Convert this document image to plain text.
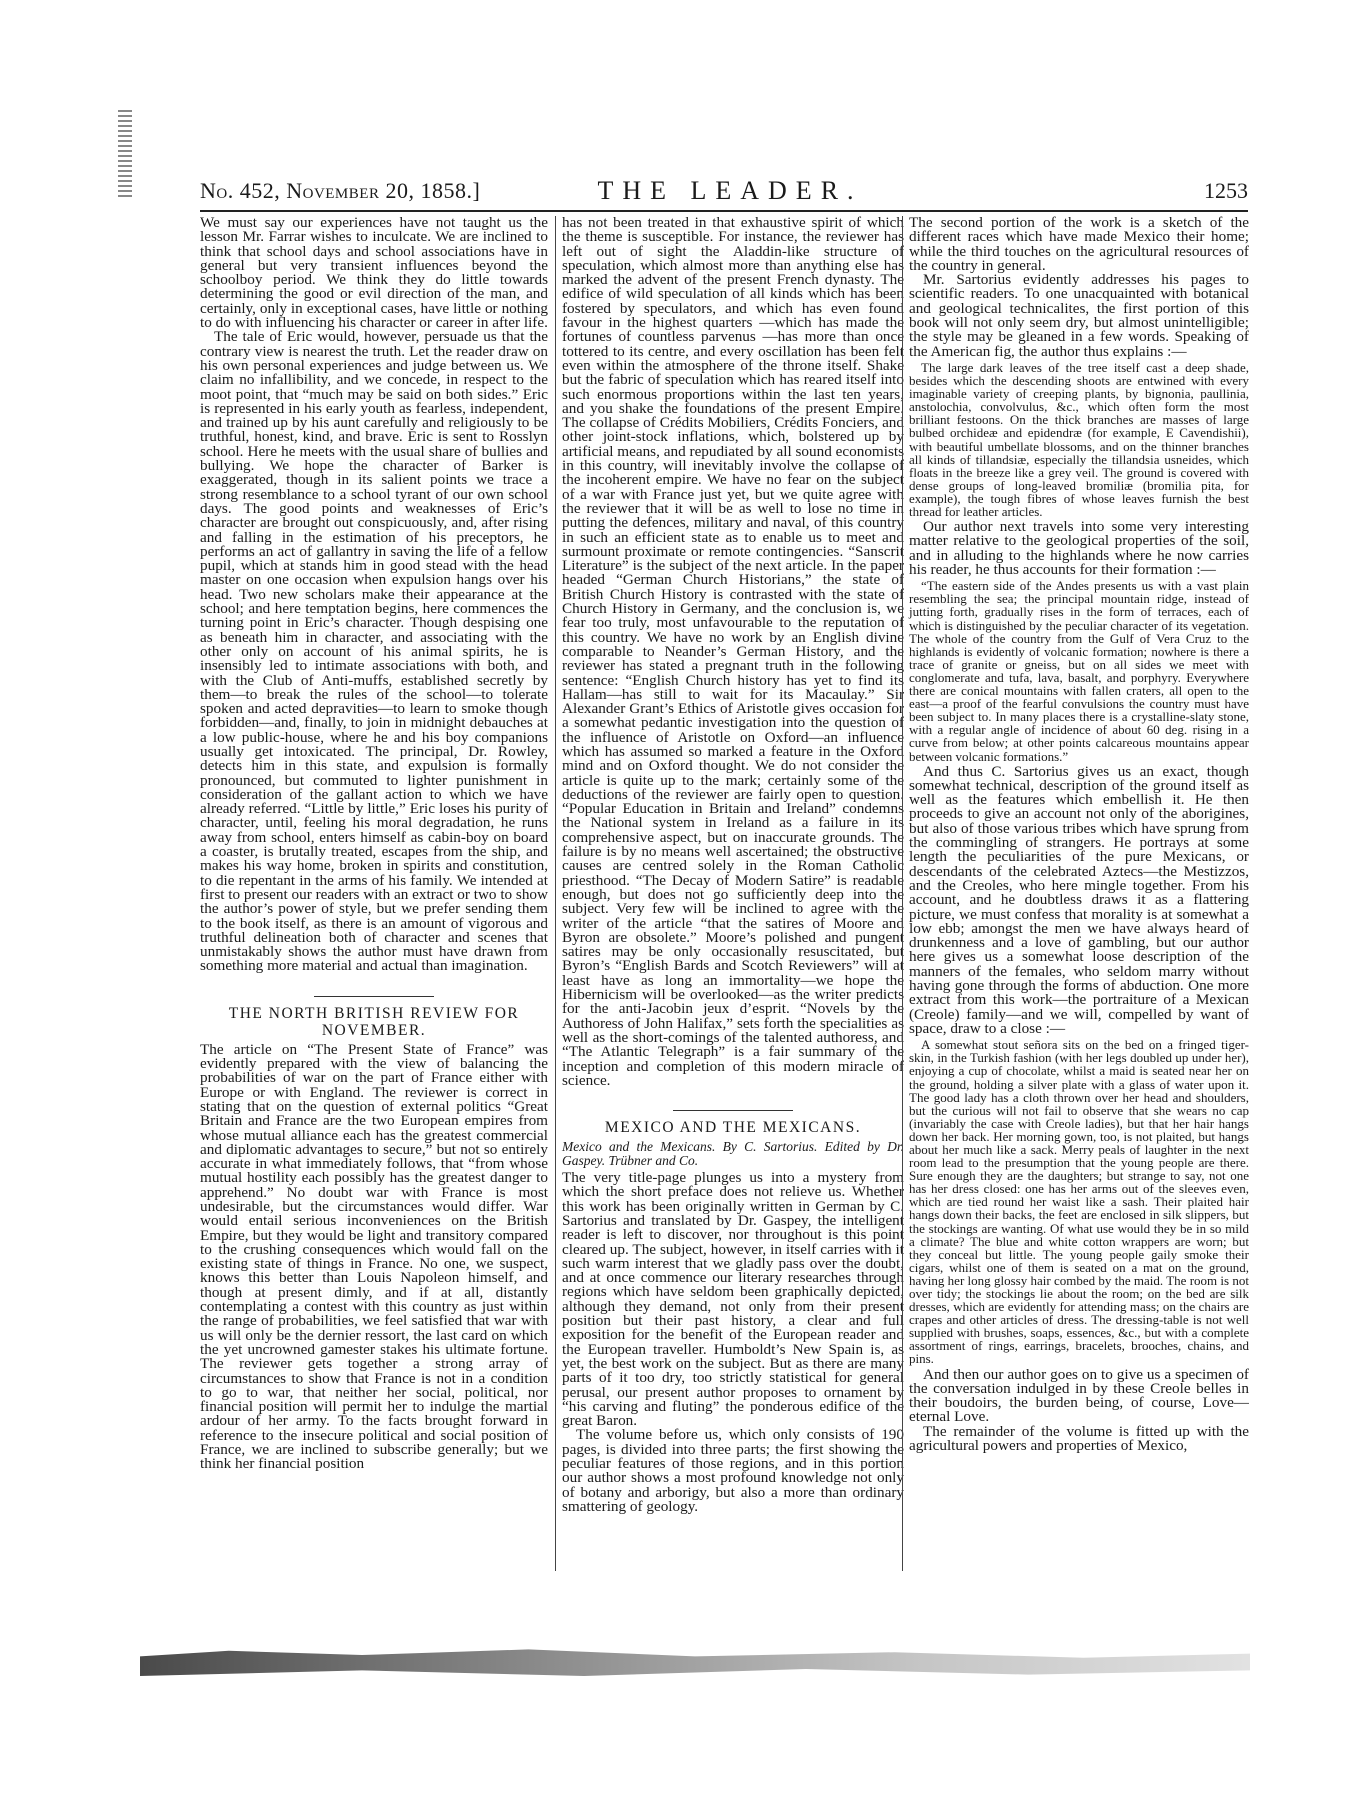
No. 452, November 20, 1858.]	THE LEADER.	1253

We must say our experiences have not taught us the lesson Mr. Farrar wishes to inculcate. We are inclined to think that school days and school associations have in general but very transient influences beyond the schoolboy period. We think they do little towards determining the good or evil direction of the man, and certainly, only in exceptional cases, have little or nothing to do with influencing his character or career in after life.

The tale of Eric would, however, persuade us that the contrary view is nearest the truth. Let the reader draw on his own personal experiences and judge between us. We claim no infallibility, and we concede, in respect to the moot point, that “much may be said on both sides.” Eric is represented in his early youth as fearless, independent, and trained up by his aunt carefully and religiously to be truthful, honest, kind, and brave. Eric is sent to Rosslyn school. Here he meets with the usual share of bullies and bullying. We hope the character of Barker is exaggerated, though in its salient points we trace a strong resemblance to a school tyrant of our own school days. The good points and weaknesses of Eric’s character are brought out conspicuously, and, after rising and falling in the estimation of his preceptors, he performs an act of gallantry in saving the life of a fellow pupil, which at stands him in good stead with the head master on one occasion when expulsion hangs over his head. Two new scholars make their appearance at the school; and here temptation begins, here commences the turning point in Eric’s character. Though despising one as beneath him in character, and associating with the other only on account of his animal spirits, he is insensibly led to intimate associations with both, and with the Club of Anti-muffs, established secretly by them—to break the rules of the school—to tolerate spoken and acted depravities—to learn to smoke though forbidden—and, finally, to join in midnight debauches at a low public-house, where he and his boy companions usually get intoxicated. The principal, Dr. Rowley, detects him in this state, and expulsion is formally pronounced, but commuted to lighter punishment in consideration of the gallant action to which we have already referred. “Little by little,” Eric loses his purity of character, until, feeling his moral degradation, he runs away from school, enters himself as cabin-boy on board a coaster, is brutally treated, escapes from the ship, and makes his way home, broken in spirits and constitution, to die repentant in the arms of his family. We intended at first to present our readers with an extract or two to show the author’s power of style, but we prefer sending them to the book itself, as there is an amount of vigorous and truthful delineation both of character and scenes that unmistakably shows the author must have drawn from something more material and actual than imagination.

THE NORTH BRITISH REVIEW FOR NOVEMBER.

The article on “The Present State of France” was evidently prepared with the view of balancing the probabilities of war on the part of France either with Europe or with England. The reviewer is correct in stating that on the question of external politics “Great Britain and France are the two European empires from whose mutual alliance each has the greatest commercial and diplomatic advantages to secure,” but not so entirely accurate in what immediately follows, that “from whose mutual hostility each possibly has the greatest danger to apprehend.” No doubt war with France is most undesirable, but the circumstances would differ. War would entail serious inconveniences on the British Empire, but they would be light and transitory compared to the crushing consequences which would fall on the existing state of things in France. No one, we suspect, knows this better than Louis Napoleon himself, and though at present dimly, and if at all, distantly contemplating a contest with this country as just within the range of probabilities, we feel satisfied that war with us will only be the dernier ressort, the last card on which the yet uncrowned gamester stakes his ultimate fortune. The reviewer gets together a strong array of circumstances to show that France is not in a condition to go to war, that neither her social, political, nor financial position will permit her to indulge the martial ardour of her army. To the facts brought forward in reference to the insecure political and social position of France, we are inclined to subscribe generally; but we think her financial position

has not been treated in that exhaustive spirit of which the theme is susceptible. For instance, the reviewer has left out of sight the Aladdin-like structure of speculation, which almost more than anything else has marked the advent of the present French dynasty. The edifice of wild speculation of all kinds which has been fostered by speculators, and which has even found favour in the highest quarters —which has made the fortunes of countless parvenus —has more than once tottered to its centre, and every oscillation has been felt even within the atmosphere of the throne itself. Shake but the fabric of speculation which has reared itself into such enormous proportions within the last ten years, and you shake the foundations of the present Empire. The collapse of Crédits Mobiliers, Crédits Fonciers, and other joint-stock inflations, which, bolstered up by artificial means, and repudiated by all sound economists in this country, will inevitably involve the collapse of the incoherent empire. We have no fear on the subject of a war with France just yet, but we quite agree with the reviewer that it will be as well to lose no time in putting the defences, military and naval, of this country in such an efficient state as to enable us to meet and surmount proximate or remote contingencies. “Sanscrit Literature” is the subject of the next article. In the paper headed “German Church Historians,” the state of British Church History is contrasted with the state of Church History in Germany, and the conclusion is, we fear too truly, most unfavourable to the reputation of this country. We have no work by an English divine comparable to Neander’s German History, and the reviewer has stated a pregnant truth in the following sentence: “English Church history has yet to find its Hallam—has still to wait for its Macaulay.” Sir Alexander Grant’s Ethics of Aristotle gives occasion for a somewhat pedantic investigation into the question of the influence of Aristotle on Oxford—an influence which has assumed so marked a feature in the Oxford mind and on Oxford thought. We do not consider the article is quite up to the mark; certainly some of the deductions of the reviewer are fairly open to question. “Popular Education in Britain and Ireland” condemns the National system in Ireland as a failure in its comprehensive aspect, but on inaccurate grounds. The failure is by no means well ascertained; the obstructive causes are centred solely in the Roman Catholic priesthood. “The Decay of Modern Satire” is readable enough, but does not go sufficiently deep into the subject. Very few will be inclined to agree with the writer of the article “that the satires of Moore and Byron are obsolete.” Moore’s polished and pungent satires may be only occasionally resuscitated, but Byron’s “English Bards and Scotch Reviewers” will at least have as long an immortality—we hope the Hibernicism will be overlooked—as the writer predicts for the anti-Jacobin jeux d’esprit. “Novels by the Authoress of John Halifax,” sets forth the specialities as well as the short-comings of the talented authoress, and “The Atlantic Telegraph” is a fair summary of the inception and completion of this modern miracle of science.

MEXICO AND THE MEXICANS.
Mexico and the Mexicans. By C. Sartorius. Edited by Dr. Gaspey. Trübner and Co.

The very title-page plunges us into a mystery from which the short preface does not relieve us. Whether this work has been originally written in German by C. Sartorius and translated by Dr. Gaspey, the intelligent reader is left to discover, nor throughout is this point cleared up. The subject, however, in itself carries with it such warm interest that we gladly pass over the doubt, and at once commence our literary researches through regions which have seldom been graphically depicted, although they demand, not only from their present position but their past history, a clear and full exposition for the benefit of the European reader and the European traveller. Humboldt’s New Spain is, as yet, the best work on the subject. But as there are many parts of it too dry, too strictly statistical for general perusal, our present author proposes to ornament by “his carving and fluting” the ponderous edifice of the great Baron.

The volume before us, which only consists of 190 pages, is divided into three parts; the first showing the peculiar features of those regions, and in this portion our author shows a most profound knowledge not only of botany and arborigy, but also a more than ordinary smattering of geology.

The second portion of the work is a sketch of the different races which have made Mexico their home; while the third touches on the agricultural resources of the country in general.

Mr. Sartorius evidently addresses his pages to scientific readers. To one unacquainted with botanical and geological technicalites, the first portion of this book will not only seem dry, but almost unintelligible; the style may be gleaned in a few words. Speaking of the American fig, the author thus explains :—

The large dark leaves of the tree itself cast a deep shade, besides which the descending shoots are entwined with every imaginable variety of creeping plants, by bignonia, paullinia, anstolochia, convolvulus, &c., which often form the most brilliant festoons. On the thick branches are masses of large bulbed orchideæ and epidendræ (for example, E Cavendishii), with beautiful umbellate blossoms, and on the thinner branches all kinds of tillandsiæ, especially the tillandsia usneides, which floats in the breeze like a grey veil. The ground is covered with dense groups of long-leaved bromiliæ (bromilia pita, for example), the tough fibres of whose leaves furnish the best thread for leather articles.

Our author next travels into some very interesting matter relative to the geological properties of the soil, and in alluding to the highlands where he now carries his reader, he thus accounts for their formation :—

“The eastern side of the Andes presents us with a vast plain resembling the sea; the principal mountain ridge, instead of jutting forth, gradually rises in the form of terraces, each of which is distinguished by the peculiar character of its vegetation. The whole of the country from the Gulf of Vera Cruz to the highlands is evidently of volcanic formation; nowhere is there a trace of granite or gneiss, but on all sides we meet with conglomerate and tufa, lava, basalt, and porphyry. Everywhere there are conical mountains with fallen craters, all open to the east—a proof of the fearful convulsions the country must have been subject to. In many places there is a crystalline-slaty stone, with a regular angle of incidence of about 60 deg. rising in a curve from below; at other points calcareous mountains appear between volcanic formations.”

And thus C. Sartorius gives us an exact, though somewhat technical, description of the ground itself as well as the features which embellish it. He then proceeds to give an account not only of the aborigines, but also of those various tribes which have sprung from the commingling of strangers. He portrays at some length the peculiarities of the pure Mexicans, or descendants of the celebrated Aztecs—the Mestizzos, and the Creoles, who here mingle together. From his account, and he doubtless draws it as a flattering picture, we must confess that morality is at somewhat a low ebb; amongst the men we have always heard of drunkenness and a love of gambling, but our author here gives us a somewhat loose description of the manners of the females, who seldom marry without having gone through the forms of abduction. One more extract from this work—the portraiture of a Mexican (Creole) family—and we will, compelled by want of space, draw to a close :—

A somewhat stout señora sits on the bed on a fringed tiger-skin, in the Turkish fashion (with her legs doubled up under her), enjoying a cup of chocolate, whilst a maid is seated near her on the ground, holding a silver plate with a glass of water upon it. The good lady has a cloth thrown over her head and shoulders, but the curious will not fail to observe that she wears no cap (invariably the case with Creole ladies), but that her hair hangs down her back. Her morning gown, too, is not plaited, but hangs about her much like a sack. Merry peals of laughter in the next room lead to the presumption that the young people are there. Sure enough they are the daughters; but strange to say, not one has her dress closed: one has her arms out of the sleeves even, which are tied round her waist like a sash. Their plaited hair hangs down their backs, the feet are enclosed in silk slippers, but the stockings are wanting. Of what use would they be in so mild a climate? The blue and white cotton wrappers are worn; but they conceal but little. The young people gaily smoke their cigars, whilst one of them is seated on a mat on the ground, having her long glossy hair combed by the maid. The room is not over tidy; the stockings lie about the room; on the bed are silk dresses, which are evidently for attending mass; on the chairs are crapes and other articles of dress. The dressing-table is not well supplied with brushes, soaps, essences, &c., but with a complete assortment of rings, earrings, bracelets, brooches, chains, and pins.

And then our author goes on to give us a specimen of the conversation indulged in by these Creole belles in their boudoirs, the burden being, of course, Love—eternal Love.

The remainder of the volume is fitted up with the agricultural powers and properties of Mexico,
